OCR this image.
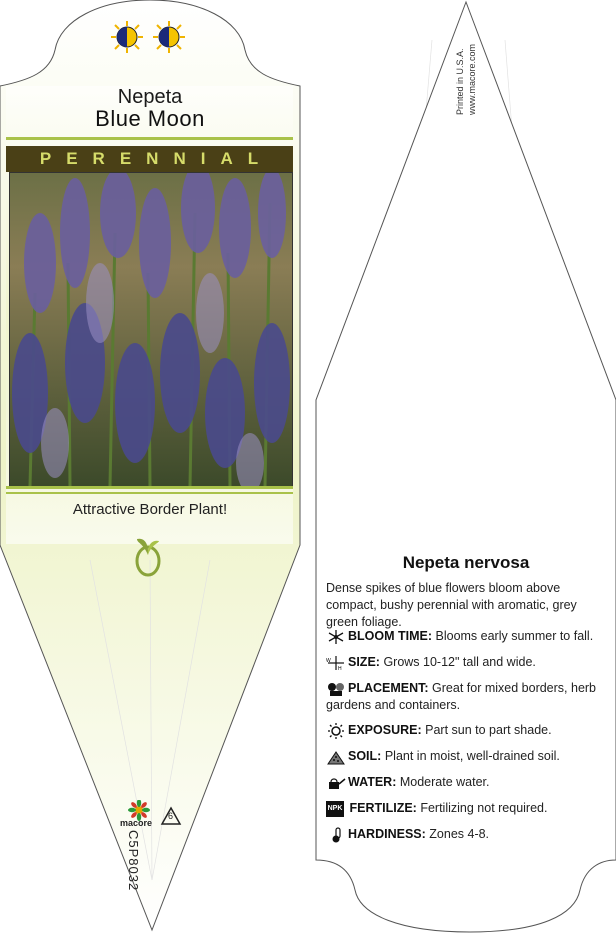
Nepeta
Blue Moon
PERENNIAL
Attractive Border Plant!
macore
6
C5P8032
Printed in U.S.A. www.macore.com
Nepeta nervosa
Dense spikes of blue flowers bloom above compact, bushy perennial with aromatic, grey green foliage.
BLOOM TIME: Blooms early summer to fall.
W
H SIZE: Grows 10-12" tall and wide.
PLACEMENT: Great for mixed borders, herb gardens and containers.
EXPOSURE: Part sun to part shade.
SOIL: Plant in moist, well-drained soil.
WATER: Moderate water.
NPK FERTILIZE: Fertilizing not required.
HARDINESS: Zones 4-8.
